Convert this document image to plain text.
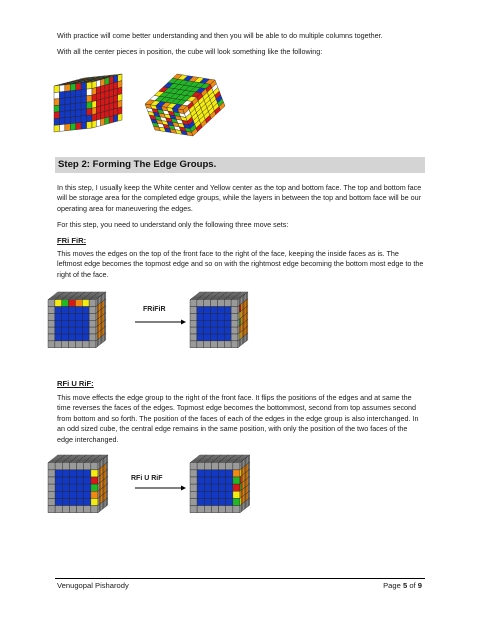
With practice will come better understanding and then you will be able to do multiple columns together.

With all the center pieces in position, the cube will look something like the following:

Step 2: Forming The Edge Groups.

In this step, I usually keep the White center and Yellow center as the top and bottom face. The top and bottom face will be storage area for the completed edge groups, while the layers in between the top and bottom face will be our operating area for maneuvering the edges.

For this step, you need to understand only the following three move sets:

FRi FiR:

This moves the edges on the top of the front face to the right of the face, keeping the inside faces as is. The leftmost edge becomes the topmost edge and so on with the rightmost edge becoming the bottom most edge to the right of the face.

FRiFiR
RFi U RiF:

This move effects the edge group to the right of the front face. It flips the positions of the edges and at same the time reverses the faces of the edges. Topmost edge becomes the bottommost, second from top assumes second from bottom and so forth. The position of the faces of each of the edges in the edge group is also interchanged. In an odd sized cube, the central edge remains in the same position, with only the position of the two faces of the edge interchanged.

RFi U RiF
Venugopal Pisharody	Page 5 of 9
